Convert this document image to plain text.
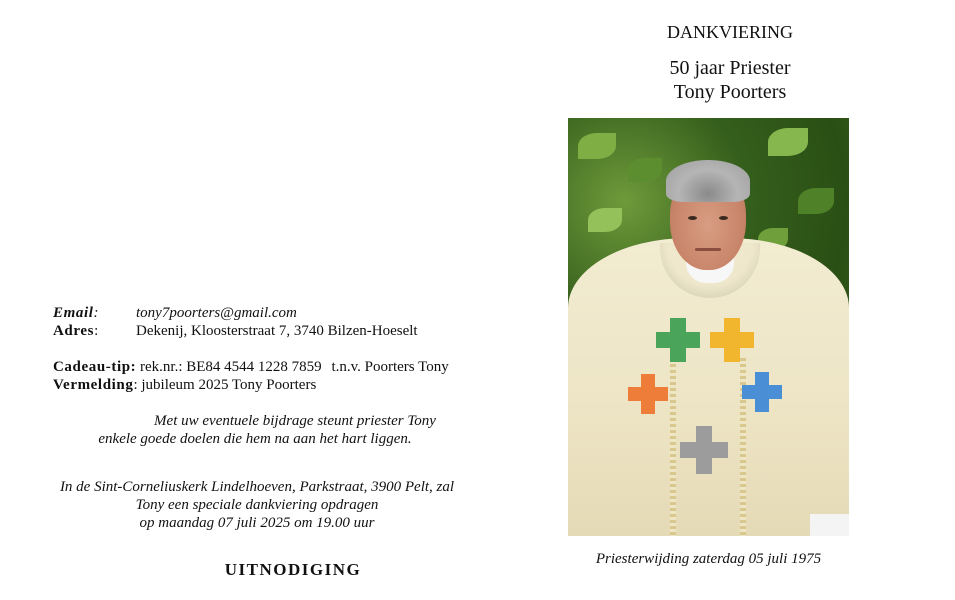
DANKVIERING
50 jaar Priester
Tony Poorters
Priesterwijding zaterdag 05 juli 1975
Email: tony7poorters@gmail.com
Adres:	Dekenij, Kloosterstraat 7, 3740 Bilzen-Hoeselt
Cadeau-tip: rek.nr.: BE84 4544 1228 7859 t.n.v. Poorters Tony
Vermelding: jubileum 2025 Tony Poorters
Met uw eventuele bijdrage steunt priester Tony
enkele goede doelen die hem na aan het hart liggen.
In de Sint-Corneliuskerk Lindelhoeven, Parkstraat, 3900 Pelt, zal
Tony een speciale dankviering opdragen
op maandag 07 juli 2025 om 19.00 uur
UITNODIGING
